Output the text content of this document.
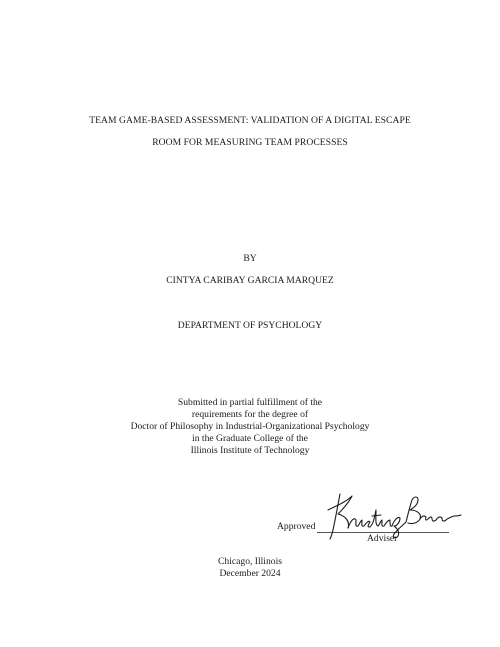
TEAM GAME-BASED ASSESSMENT: VALIDATION OF A DIGITAL ESCAPE
ROOM FOR MEASURING TEAM PROCESSES
BY
CINTYA CARIBAY GARCIA MARQUEZ
DEPARTMENT OF PSYCHOLOGY
Submitted in partial fulfillment of the
requirements for the degree of
Doctor of Philosophy in Industrial-Organizational Psychology
in the Graduate College of the
Illinois Institute of Technology
Approved
Adviser
Chicago, Illinois
December 2024
